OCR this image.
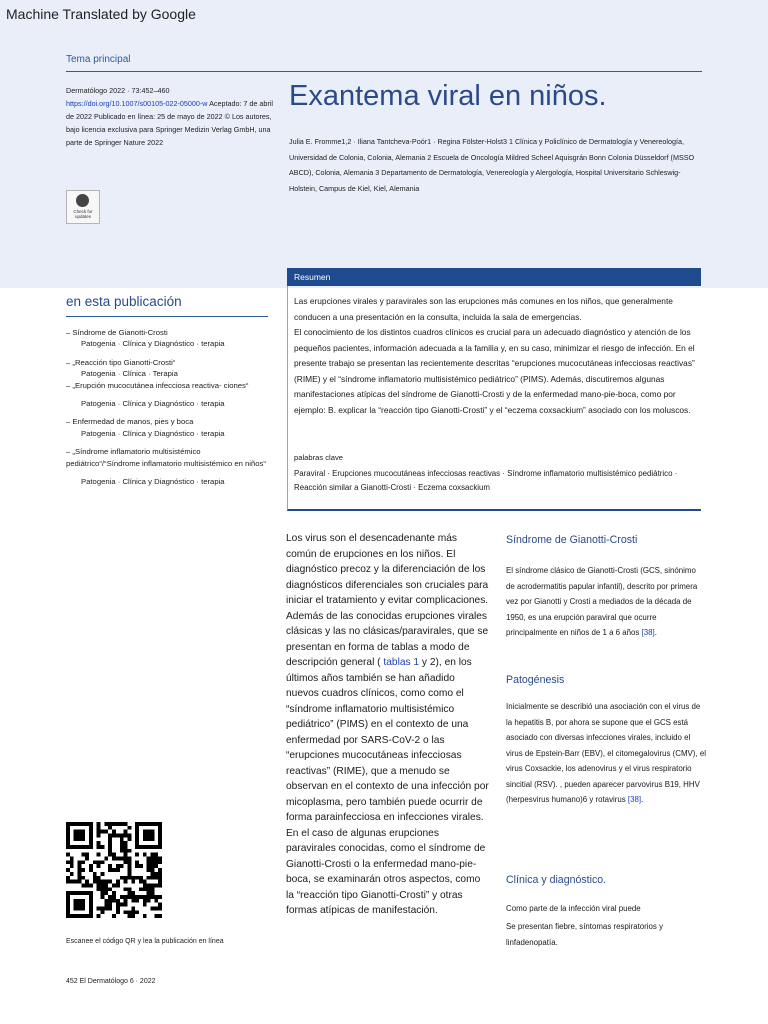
Machine Translated by Google
Tema principal
Dermatólogo 2022 · 73:452–460
https://doi.org/10.1007/s00105-022-05000-w Aceptado: 7 de abril de 2022 Publicado en línea: 25 de mayo de 2022 © Los autores, bajo licencia exclusiva para Springer Medizin Verlag GmbH, una parte de Springer Nature 2022
Check for updates
Exantema viral en niños.
Julia E. Fromme1,2 · Iliana Tantcheva-Poór1 · Regina Fölster-Holst3 1 Clínica y Policlínico de Dermatología y Venereología, Universidad de Colonia, Colonia, Alemania 2 Escuela de Oncología Mildred Scheel Aquisgrán Bonn Colonia Düsseldorf (MSSO ABCD), Colonia, Alemania 3 Departamento de Dermatología, Venereología y Alergología, Hospital Universitario Schleswig-Holstein, Campus de Kiel, Kiel, Alemania
Resumen
Las erupciones virales y paravirales son las erupciones más comunes en los niños, que generalmente conducen a una presentación en la consulta, incluida la sala de emergencias.
El conocimiento de los distintos cuadros clínicos es crucial para un adecuado diagnóstico y atención de los pequeños pacientes, información adecuada a la familia y, en su caso, minimizar el riesgo de infección. En el presente trabajo se presentan las recientemente descritas “erupciones mucocutáneas infecciosas reactivas” (RIME) y el “síndrome inflamatorio multisistémico pediátrico” (PIMS). Además, discutiremos algunas manifestaciones atípicas del síndrome de Gianotti-Crosti y de la enfermedad mano-pie-boca, como por ejemplo: B. explicar la “reacción tipo Gianotti-Crosti” y el “eczema coxsackium” asociado con los moluscos.
palabras clave
Paraviral · Erupciones mucocutáneas infecciosas reactivas · Síndrome inflamatorio multisistémico pediátrico · Reacción similar a Gianotti-Crosti · Eczema coxsackium
en esta publicación
– Síndrome de Gianotti-Crosti
Patogenia · Clínica y Diagnóstico · terapia
– „Reacción tipo Gianotti-Crosti“
Patogenia · Clínica · Terapia
– „Erupción mucocutánea infecciosa reactiva- ciones“
Patogenia · Clínica y Diagnóstico · terapia
– Enfermedad de manos, pies y boca
Patogenia · Clínica y Diagnóstico · terapia
– „Síndrome inflamatorio multisistémico pediátrico“/“Síndrome inflamatorio multisistémico en niños“
Patogenia · Clínica y Diagnóstico · terapia
Escanee el código QR y lea la publicación en línea
452 El Dermatólogo 6 · 2022
Los virus son el desencadenante más común de erupciones en los niños. El diagnóstico precoz y la diferenciación de los diagnósticos diferenciales son cruciales para iniciar el tratamiento y evitar complicaciones. Además de las conocidas erupciones virales clásicas y las no clásicas/paravirales, que se presentan en forma de tablas a modo de descripción general ( tablas 1 y 2), en los últimos años también se han añadido nuevos cuadros clínicos, como como el “síndrome inflamatorio multisistémico pediátrico” (PIMS) en el contexto de una enfermedad por SARS-CoV-2 o las “erupciones mucocutáneas infecciosas reactivas” (RIME), que a menudo se observan en el contexto de una infección por micoplasma, pero también puede ocurrir de forma parainfecciosa en infecciones virales. En el caso de algunas erupciones paravirales conocidas, como el síndrome de Gianotti-Crosti o la enfermedad mano-pie-boca, se examinarán otros aspectos, como la “reacción tipo Gianotti-Crosti” y otras formas atípicas de manifestación.
Síndrome de Gianotti-Crosti
El síndrome clásico de Gianotti-Crosti (GCS, sinónimo de acrodermatitis papular infantil), descrito por primera vez por Gianotti y Crosti a mediados de la década de 1950, es una erupción paraviral que ocurre principalmente en niños de 1 a 6 años [38].
Patogénesis
Inicialmente se describió una asociación con el virus de la hepatitis B, por ahora se supone que el GCS está asociado con diversas infecciones virales, incluido el virus de Epstein-Barr (EBV), el citomegalovirus (CMV), el virus Coxsackie, los adenovirus y el virus respiratorio sincitial (RSV). , pueden aparecer parvovirus B19, HHV (herpesvirus humano)6 y rotavirus [38].
Clínica y diagnóstico.
Como parte de la infección viral puede
Se presentan fiebre, síntomas respiratorios y linfadenopatía.
